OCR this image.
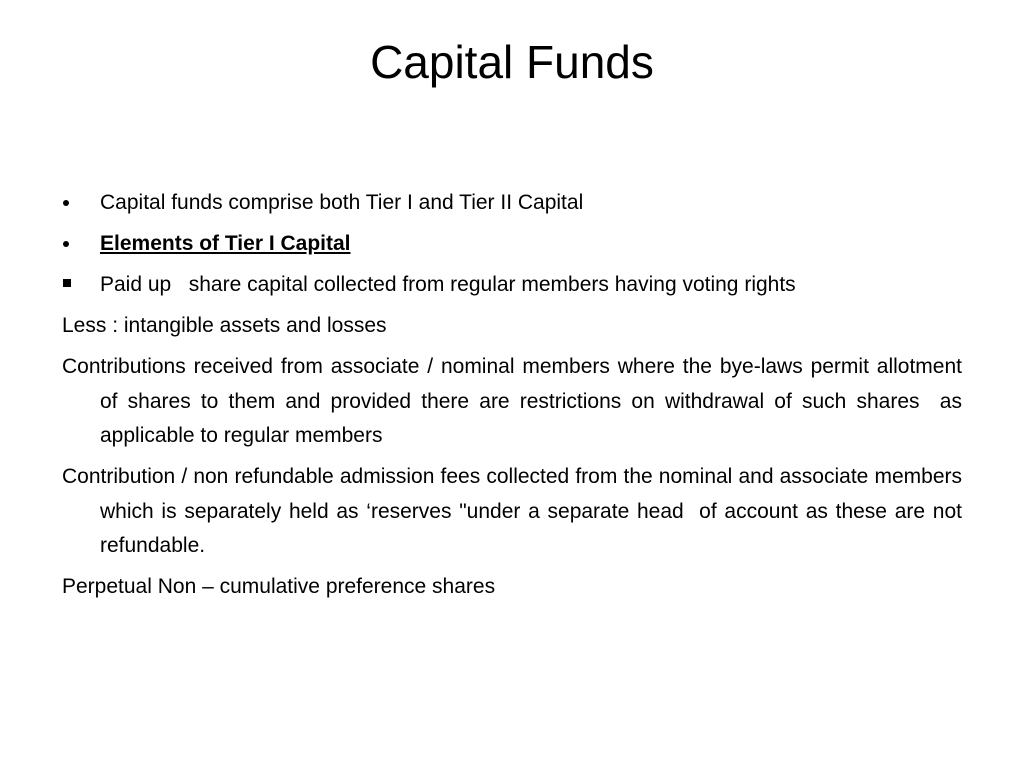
Capital Funds
Capital funds comprise both Tier I and Tier II Capital
Elements of Tier I Capital
Paid up   share capital collected from regular members having voting rights
Less : intangible assets and losses
Contributions received from associate / nominal members where the bye-laws permit allotment of shares to them and provided there are restrictions on withdrawal of such shares  as applicable to regular members
Contribution / non refundable admission fees collected from the nominal and associate members which is separately held as ‘reserves "under a separate head  of account as these are not refundable.
Perpetual Non – cumulative preference shares
